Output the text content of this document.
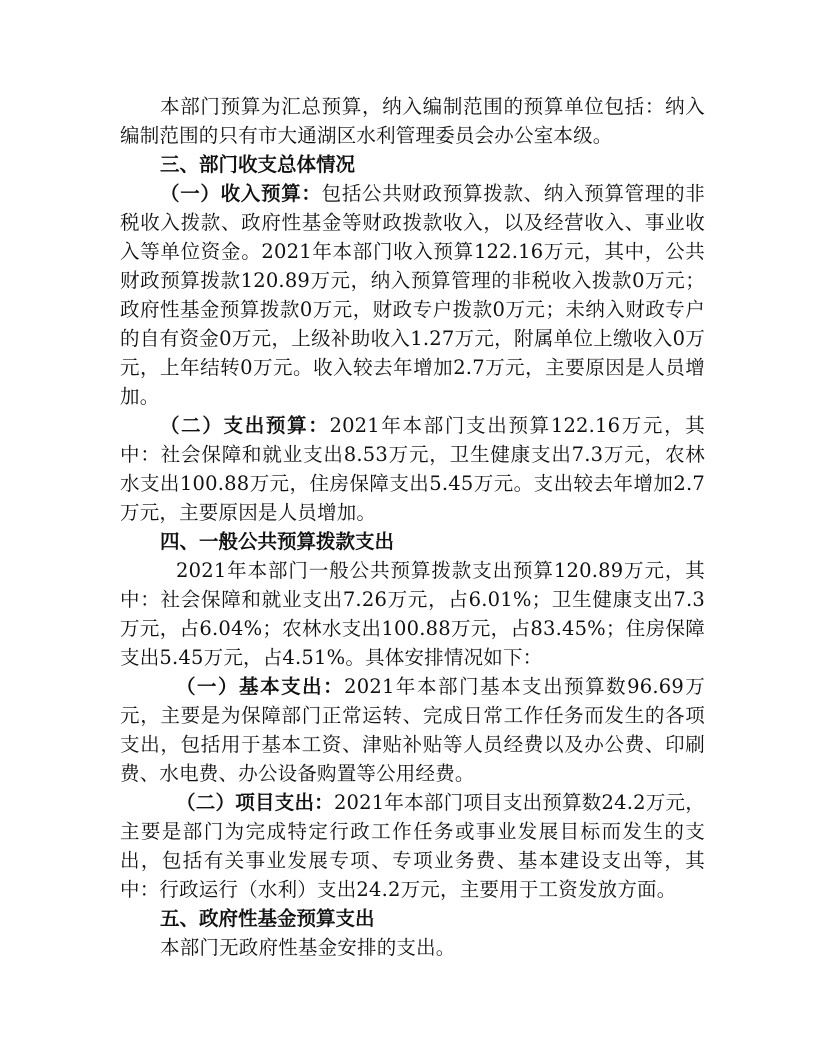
本部门预算为汇总预算，纳入编制范围的预算单位包括：纳入编制范围的只有市大通湖区水利管理委员会办公室本级。

三、部门收支总体情况

（一）收入预算：包括公共财政预算拨款、纳入预算管理的非税收入拨款、政府性基金等财政拨款收入，以及经营收入、事业收入等单位资金。2021年本部门收入预算122.16万元，其中，公共财政预算拨款120.89万元，纳入预算管理的非税收入拨款0万元；政府性基金预算拨款0万元，财政专户拨款0万元；未纳入财政专户的自有资金0万元，上级补助收入1.27万元，附属单位上缴收入0万元，上年结转0万元。收入较去年增加2.7万元，主要原因是人员增加。

（二）支出预算：2021年本部门支出预算122.16万元，其中：社会保障和就业支出8.53万元，卫生健康支出7.3万元，农林水支出100.88万元，住房保障支出5.45万元。支出较去年增加2.7万元，主要原因是人员增加。

四、一般公共预算拨款支出

2021年本部门一般公共预算拨款支出预算120.89万元，其中：社会保障和就业支出7.26万元，占6.01%；卫生健康支出7.3万元，占6.04%；农林水支出100.88万元，占83.45%；住房保障支出5.45万元，占4.51%。具体安排情况如下：

（一）基本支出：2021年本部门基本支出预算数96.69万元，主要是为保障部门正常运转、完成日常工作任务而发生的各项支出，包括用于基本工资、津贴补贴等人员经费以及办公费、印刷费、水电费、办公设备购置等公用经费。

（二）项目支出：2021年本部门项目支出预算数24.2万元，主要是部门为完成特定行政工作任务或事业发展目标而发生的支出，包括有关事业发展专项、专项业务费、基本建设支出等，其中：行政运行（水利）支出24.2万元，主要用于工资发放方面。

五、政府性基金预算支出

本部门无政府性基金安排的支出。
